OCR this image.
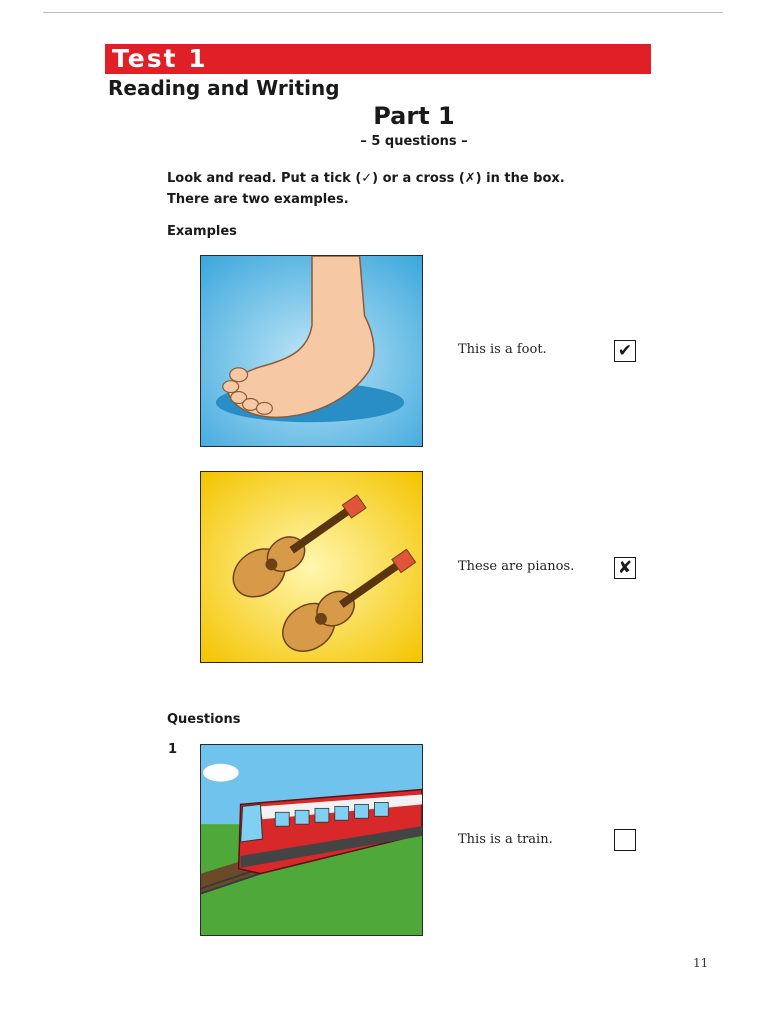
Test 1
Reading and Writing
Part 1
– 5 questions –
Look and read. Put a tick (✓) or a cross (✗) in the box.
There are two examples.
Examples
This is a foot.	✔
These are pianos.	✘
Questions
1
This is a train.
11
